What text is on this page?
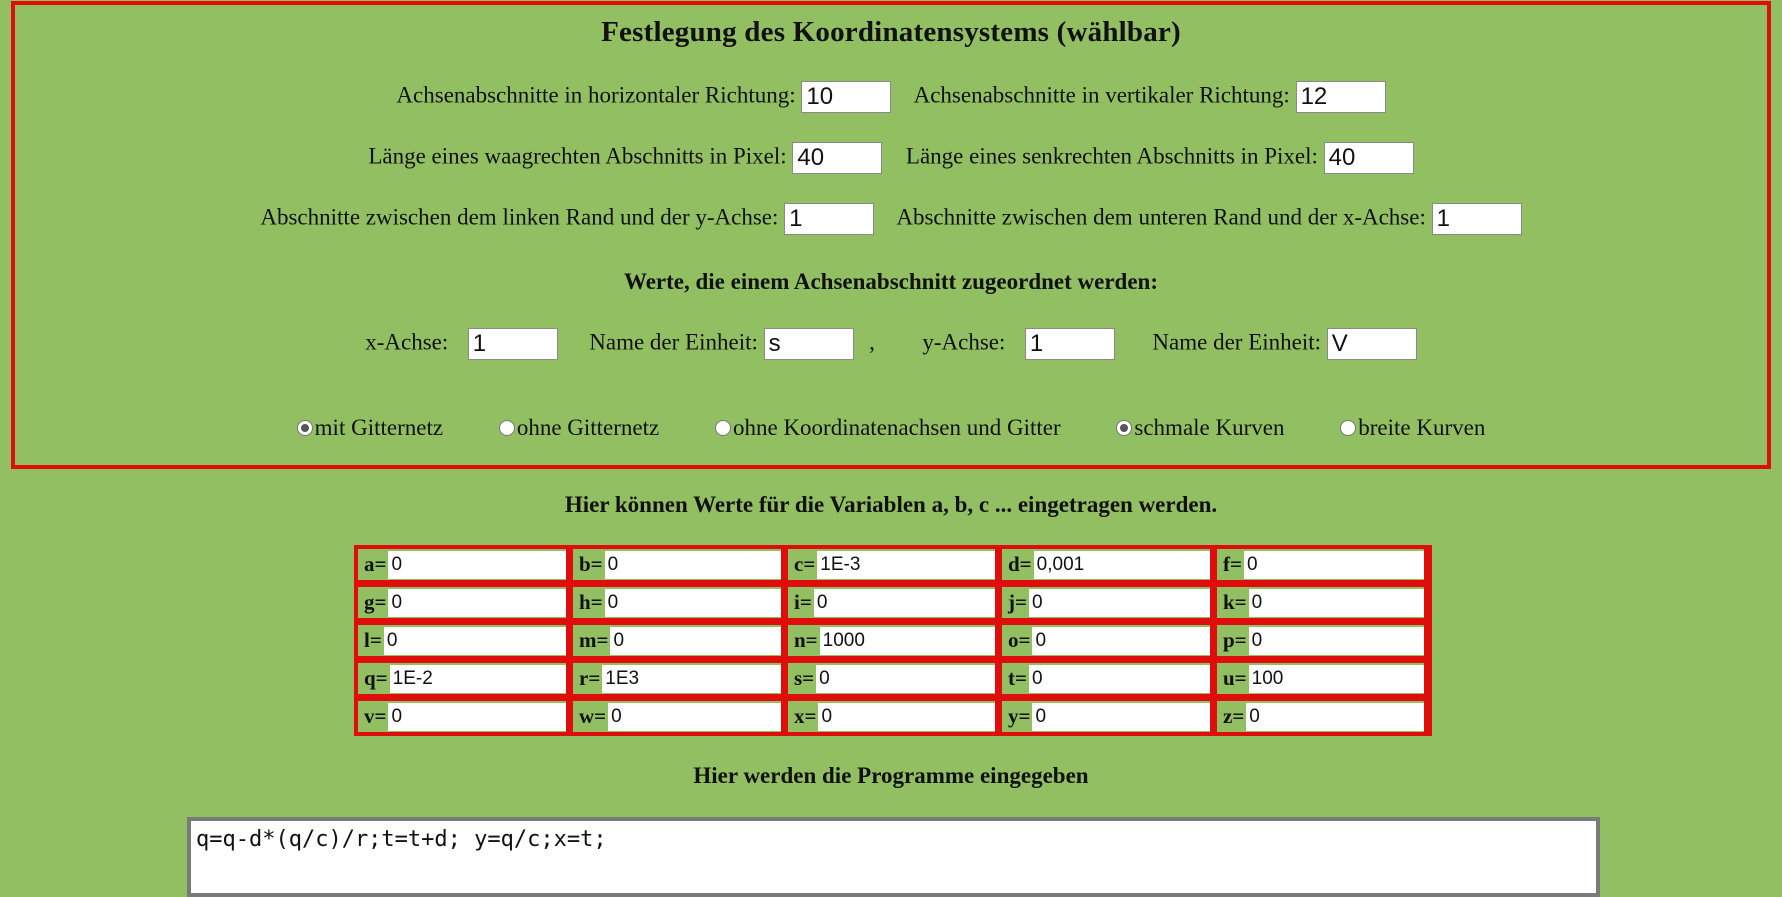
Festlegung des Koordinatensystems (wählbar)
Achsenabschnitte in horizontaler Richtung: 10	Achsenabschnitte in vertikaler Richtung: 12
Länge eines waagrechten Abschnitts in Pixel: 40	Länge eines senkrechten Abschnitts in Pixel: 40
Abschnitte zwischen dem linken Rand und der y-Achse: 1	Abschnitte zwischen dem unteren Rand und der x-Achse: 1
Werte, die einem Achsenabschnitt zugeordnet werden:
x-Achse: 1	Name der Einheit: s	, y-Achse: 1	Name der Einheit: V
mit Gitternetz
	ohne Gitternetz
	ohne Koordinatenachsen und Gitter
	schmale Kurven
	breite Kurven
Hier können Werte für die Variablen a, b, c ... eingetragen werden.
a= 0	b= 0	c= 1E-3	d= 0,001	f= 0
g= 0	h= 0	i= 0	j= 0	k= 0
l= 0	m= 0	n= 1000	o= 0	p= 0
q= 1E-2	r= 1E3	s= 0	t= 0	u= 100
v= 0	w= 0	x= 0	y= 0	z= 0
Hier werden die Programme eingegeben
q=q-d*(q/c)/r;t=t+d; y=q/c;x=t;
